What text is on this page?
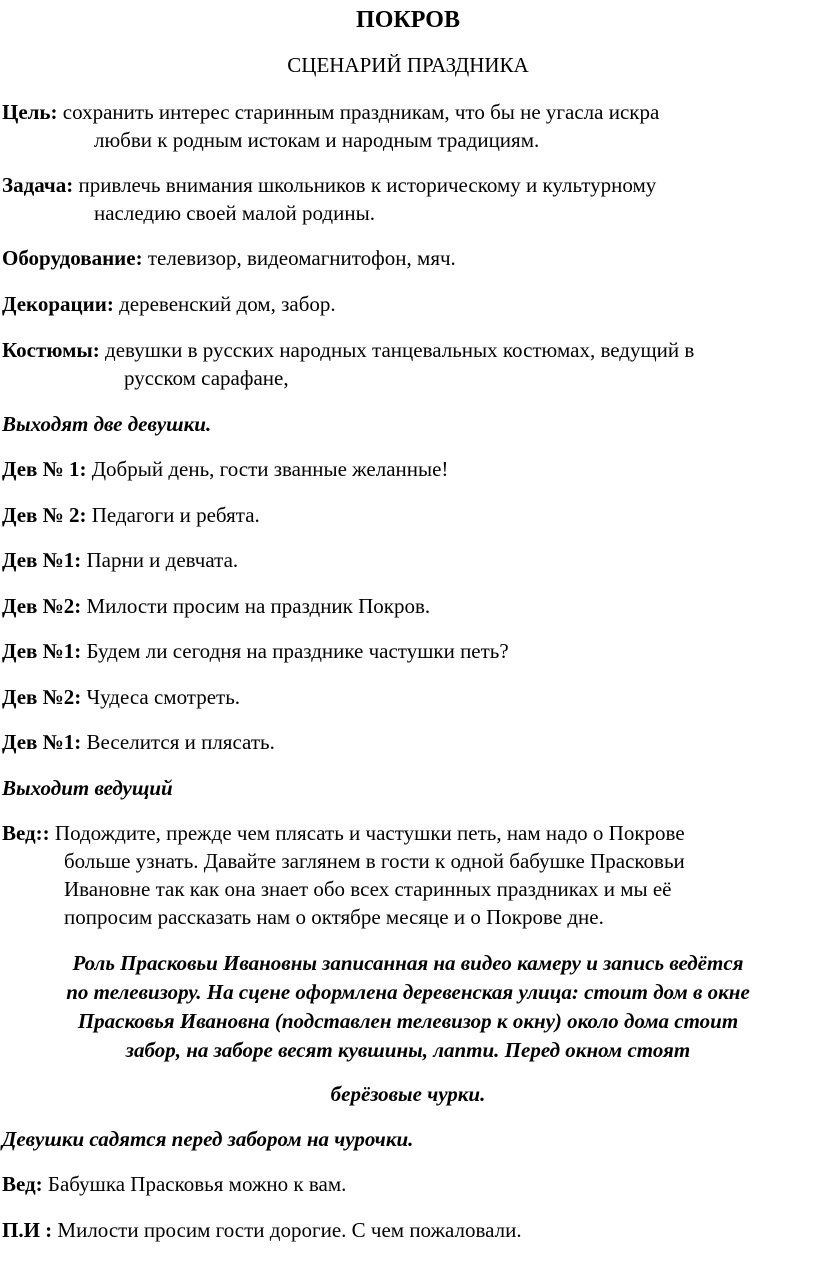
ПОКРОВ
СЦЕНАРИЙ ПРАЗДНИКА
Цель: сохранить интерес старинным праздникам, что бы не угасла искра
любви к родным истокам и народным традициям.
Задача: привлечь внимания школьников к историческому и культурному
наследию своей малой родины.
Оборудование: телевизор, видеомагнитофон, мяч.
Декорации: деревенский дом, забор.
Костюмы: девушки в русских народных танцевальных костюмах, ведущий в
русском сарафане,
Выходят две девушки.
Дев № 1: Добрый день, гости званные желанные!
Дев № 2: Педагоги и ребята.
Дев №1: Парни и девчата.
Дев №2: Милости просим на праздник Покров.
Дев №1: Будем ли сегодня на празднике частушки петь?
Дев №2: Чудеса смотреть.
Дев №1: Веселится и плясать.
Выходит ведущий
Вед:: Подождите, прежде чем плясать и частушки петь, нам надо о Покрове
больше узнать. Давайте заглянем в гости к одной бабушке Прасковьи
Ивановне так как она знает обо всех старинных праздниках и мы её
попросим рассказать нам о октябре месяце и о Покрове дне.
Роль Прасковьи Ивановны записанная на видео камеру и запись ведётся
по телевизору. На сцене оформлена деревенская улица: стоит дом в окне
Прасковья Ивановна (подставлен телевизор к окну) около дома стоит
забор, на заборе весят кувшины, лапти. Перед окном стоят
берёзовые чурки.
Девушки садятся перед забором на чурочки.
Вед: Бабушка Прасковья можно к вам.
П.И : Милости просим гости дорогие. С чем пожаловали.
